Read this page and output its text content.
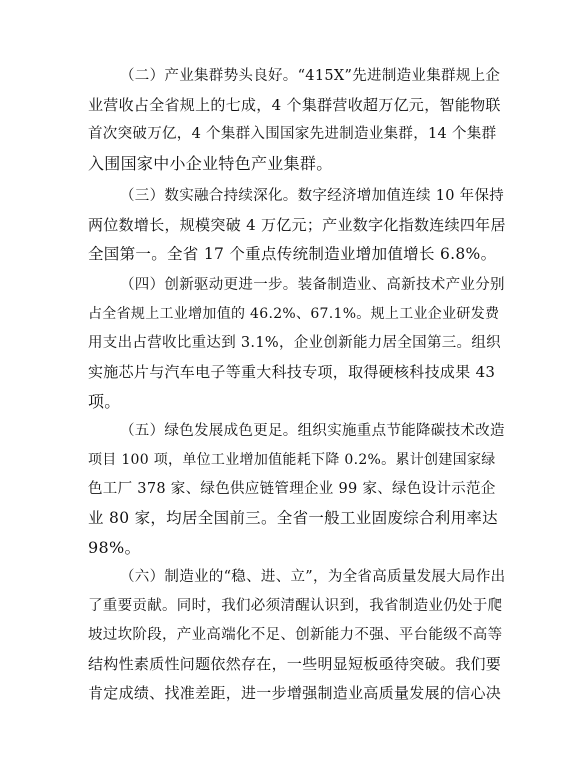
（二）产业集群势头良好。“415X”先进制造业集群规上企
业营收占全省规上的七成，4 个集群营收超万亿元，智能物联
首次突破万亿，4 个集群入围国家先进制造业集群，14 个集群
入围国家中小企业特色产业集群。
（三）数实融合持续深化。数字经济增加值连续 10 年保持
两位数增长，规模突破 4 万亿元；产业数字化指数连续四年居
全国第一。全省 17 个重点传统制造业增加值增长 6.8%。
（四）创新驱动更进一步。装备制造业、高新技术产业分别
占全省规上工业增加值的 46.2%、67.1%。规上工业企业研发费
用支出占营收比重达到 3.1%，企业创新能力居全国第三。组织
实施芯片与汽车电子等重大科技专项，取得硬核科技成果 43
项。
（五）绿色发展成色更足。组织实施重点节能降碳技术改造
项目 100 项，单位工业增加值能耗下降 0.2%。累计创建国家绿
色工厂 378 家、绿色供应链管理企业 99 家、绿色设计示范企
业 80 家，均居全国前三。全省一般工业固废综合利用率达
98%。
（六）制造业的“稳、进、立”，为全省高质量发展大局作出
了重要贡献。同时，我们必须清醒认识到，我省制造业仍处于爬
坡过坎阶段，产业高端化不足、创新能力不强、平台能级不高等
结构性素质性问题依然存在，一些明显短板亟待突破。我们要
肯定成绩、找准差距，进一步增强制造业高质量发展的信心决
